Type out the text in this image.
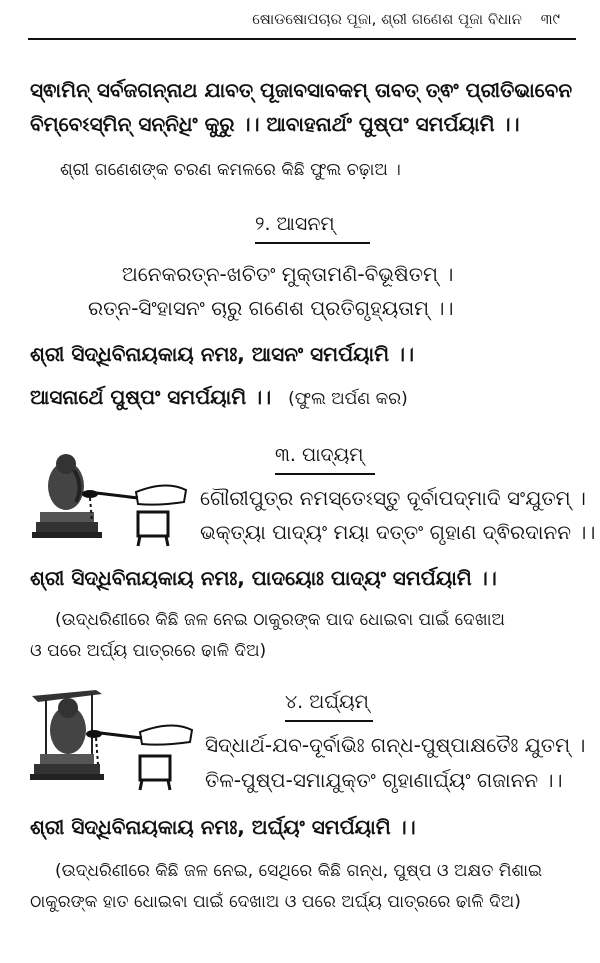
ଷୋଡଷୋପଚାର ପୂଜା, ଶ୍ରୀ ଗଣେଶ ପୂଜା ବିଧାନ ୩୯
ସ୍ଵାମିନ୍ ସର୍ବଜଗନ୍ନାଥ ଯାବତ୍ ପୂଜାବସାବକମ୍ ତାବତ୍ ତ୍ଵଂ ପ୍ରୀତିଭାବେନ
ବିମ୍ବେଽସ୍ମିନ୍ ସନ୍ନିଧିଂ କୁରୁ ।। ଆବାହନାର୍ଥଂ ପୁଷ୍ପଂ ସମର୍ପୟାମି ।।
ଶ୍ରୀ ଗଣେଶଙ୍କ ଚରଣ କମଳରେ କିଛି ଫୁଲ ଚଢ଼ାଅ ।
୨. ଆସନମ୍
ଅନେକରତ୍ନ-ଖଚିତଂ ମୁକ୍ତାମଣି-ବିଭୂଷିତମ୍ ।
ରତ୍ନ-ସିଂହାସନଂ ଚାରୁ ଗଣେଶ ପ୍ରତିଗୃହ୍ୟତାମ୍ ।।
ଶ୍ରୀ ସିଦ୍ଧିବିନାୟକାୟ ନମଃ, ଆସନଂ ସମର୍ପୟାମି ।।
ଆସନାର୍ଥେ ପୁଷ୍ପଂ ସମର୍ପୟାମି ।। (ଫୁଲ ଅର୍ପଣ କର)
୩. ପାଦ୍ୟମ୍
ଗୌରୀପୁତ୍ର ନମସ୍ତେଽସ୍ତୁ ଦୂର୍ବାପଦ୍ମାଦି ସଂଯୁତମ୍ ।
ଭକ୍ତ୍ୟା ପାଦ୍ୟଂ ମୟା ଦତ୍ତଂ ଗୃହାଣ ଦ୍ଵିରଦାନନ ।।
ଶ୍ରୀ ସିଦ୍ଧିବିନାୟକାୟ ନମଃ, ପାଦୟୋଃ ପାଦ୍ୟଂ ସମର୍ପୟାମି ।।
(ଉଦ୍ଧରିଣୀରେ କିଛି ଜଳ ନେଇ ଠାକୁରଙ୍କ ପାଦ ଧୋଇବା ପାଇଁ ଦେଖାଅ
ଓ ପରେ ଅର୍ଘ୍ୟ ପାତ୍ରରେ ଢାଳି ଦିଅ)
୪. ଅର୍ଘ୍ୟମ୍
ସିଦ୍ଧାର୍ଥ-ଯବ-ଦୂର୍ବାଭିଃ ଗନ୍ଧ-ପୁଷ୍ପାକ୍ଷତୈଃ ଯୁତମ୍ ।
ତିଳ-ପୁଷ୍ପ-ସମାଯୁକ୍ତଂ ଗୃହାଣାର୍ଘ୍ୟଂ ଗଜାନନ ।।
ଶ୍ରୀ ସିଦ୍ଧିବିନାୟକାୟ ନମଃ, ଅର୍ଘ୍ୟଂ ସମର୍ପୟାମି ।।
(ଉଦ୍ଧରିଣୀରେ କିଛି ଜଳ ନେଇ, ସେଥିରେ କିଛି ଗନ୍ଧ, ପୁଷ୍ପ ଓ ଅକ୍ଷତ ମିଶାଇ
ଠାକୁରଙ୍କ ହାତ ଧୋଇବା ପାଇଁ ଦେଖାଅ ଓ ପରେ ଅର୍ଘ୍ୟ ପାତ୍ରରେ ଢାଳି ଦିଅ)
